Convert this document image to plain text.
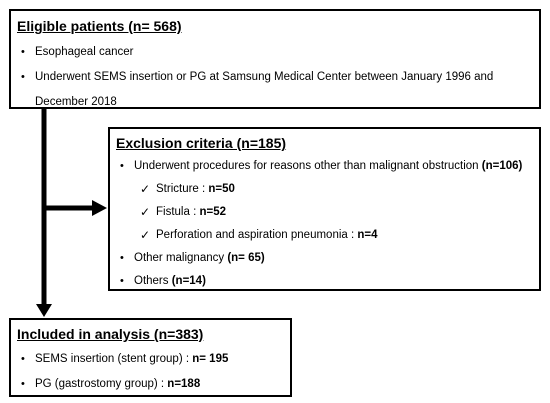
Eligible patients (n= 568)
• Esophageal cancer
• Underwent SEMS insertion or PG at Samsung Medical Center between January 1996 and
December 2018
Exclusion criteria (n=185)
• Underwent procedures for reasons other than malignant obstruction (n=106)
✓ Stricture : n=50
✓ Fistula : n=52
✓ Perforation and aspiration pneumonia : n=4
• Other malignancy (n= 65)
• Others (n=14)
Included in analysis (n=383)
• SEMS insertion (stent group) : n= 195
• PG (gastrostomy group) : n=188
